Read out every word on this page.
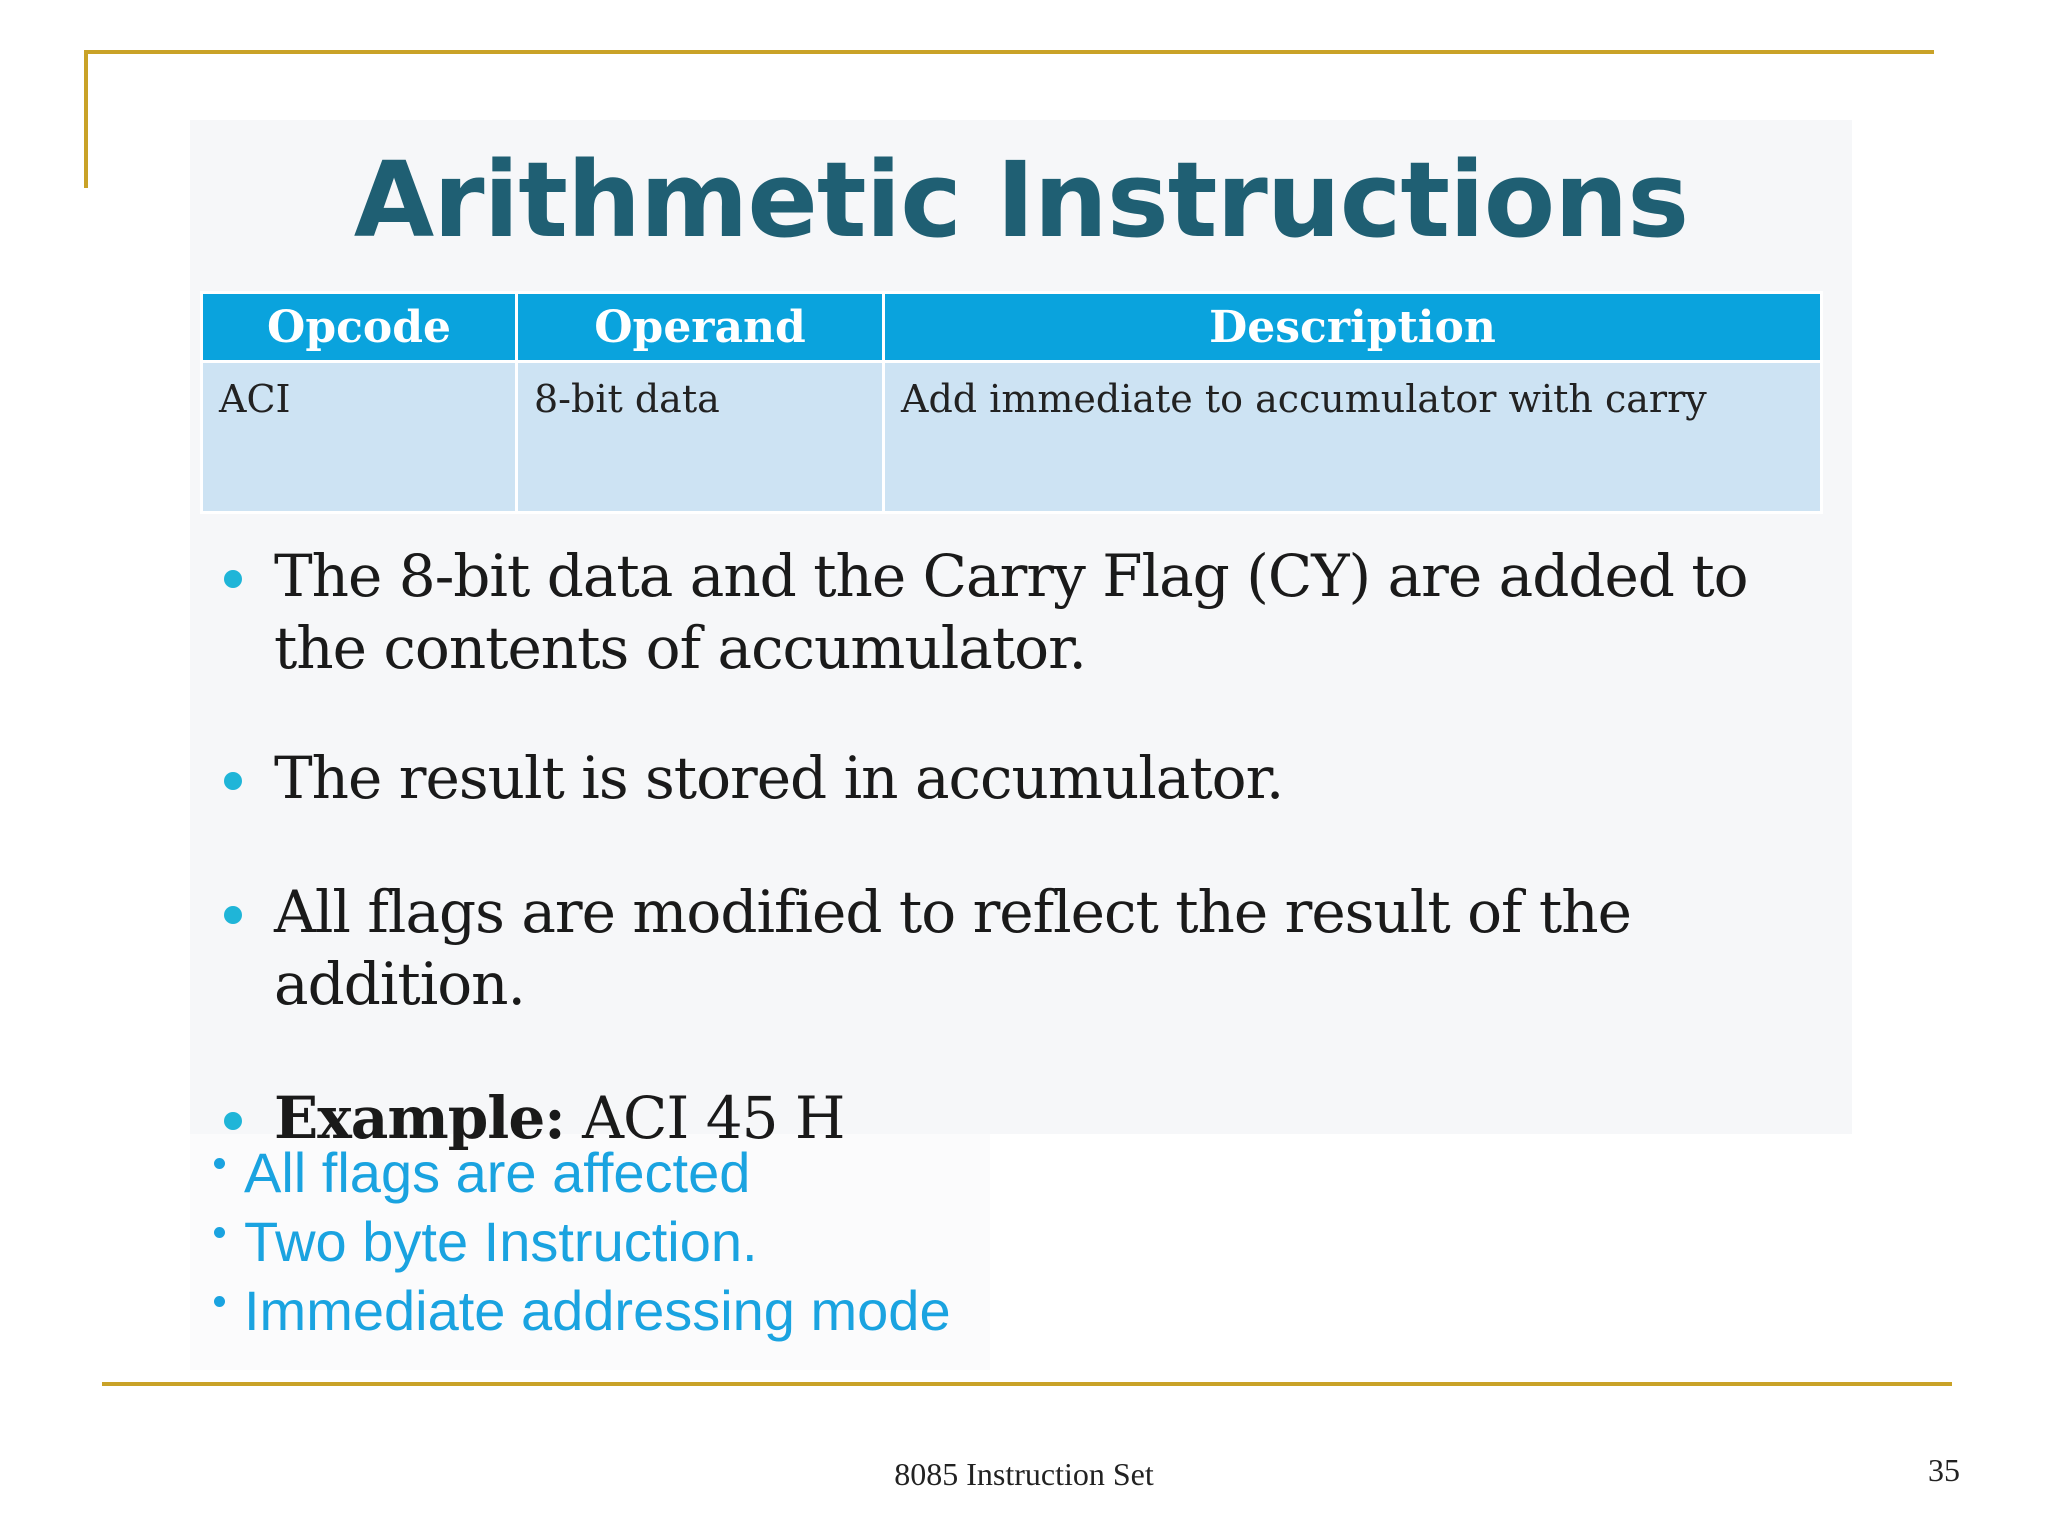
Arithmetic Instructions
Opcode	Operand	Description
ACI	8-bit data	Add immediate to accumulator with carry
The 8-bit data and the Carry Flag (CY) are added to the contents of accumulator.
The result is stored in accumulator.
All flags are modified to reflect the result of the addition.
Example: ACI 45 H
All flags are affected
Two byte Instruction.
Immediate addressing mode
8085 Instruction Set	35
